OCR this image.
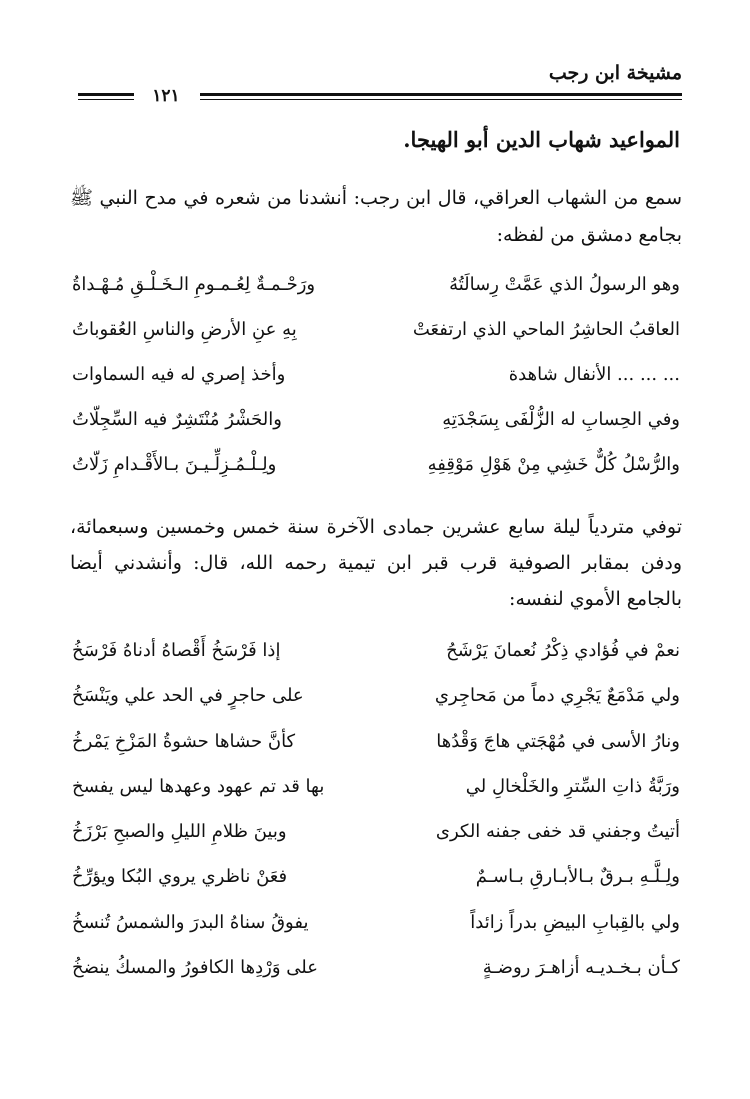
مشيخة ابن رجب
١٢١
المواعيد شهاب الدين أبو الهيجا.
سمع من الشهاب العراقي، قال ابن رجب: أنشدنا من شعره في مدح النبي ﷺ بجامع دمشق من لفظه:
وهو الرسولُ الذي عَمَّتْ رِسالَتُهُ
ورَحْـمـةٌ لِعُـمـومِ الـخَـلْـقِ مُـهْـداةُ
العاقبُ الحاشِرُ الماحي الذي ارتفعَتْ
بِهِ عنِ الأرضِ والناسِ العُقوباتُ
... ... ... الأنفال شاهدة
وأخذ إصري له فيه السماوات
وفي الحِسابِ له الزُّلْفَى بِسَجْدَتِهِ
والحَشْرُ مُنْتَشِرٌ فيه السِّجِلّاتُ
والرُّسْلُ كُلٌّ خَشِي مِنْ هَوْلِ مَوْقِفِهِ
ولِـلْـمُـزِلِّـيـنَ بـالأَقْـدامِ زَلّاتُ
توفي متردياً ليلة سابع عشرين جمادى الآخرة سنة خمس وخمسين وسبعمائة، ودفن بمقابر الصوفية قرب قبر ابن تيمية رحمه الله، قال: وأنشدني أيضا بالجامع الأموي لنفسه:
نعمْ في فُؤادي ذِكْرُ نُعمانَ يَرْشَحُ
إذا فَرْسَخُ أَقْصاهُ أدناهُ فَرْسَخُ
ولي مَدْمَعٌ يَجْرِي دماً من مَحاجِري
على حاجرٍ في الحد علي ويَنْسَخُ
ونارُ الأسى في مُهْجَتي هاجَ وَقْدُها
كأنَّ حشاها حشوةُ المَزْخِ يَمْرخُ
ورَبَّةُ ذاتِ السِّترِ والخَلْخالِ لي
بها قد تم عهود وعهدها ليس يفسخ
أتيتُ وجفني قد خفى جفنه الكرى
وبينَ ظلامِ الليلِ والصبحِ بَرْزَخُ
ولِـلَّـهِ بـرقٌ بـالأبـارقِ بـاسـمٌ
فعَنْ ناظري يروي البُكا ويؤرِّخُ
ولي بالقِبابِ البيضِ بدراً زائداً
يفوقُ سناهُ البدرَ والشمسُ تُنسخُ
كـأن بـخـديـه أزاهـرَ روضـةٍ
على وَرْدِها الكافورُ والمسكُ ينضخُ
